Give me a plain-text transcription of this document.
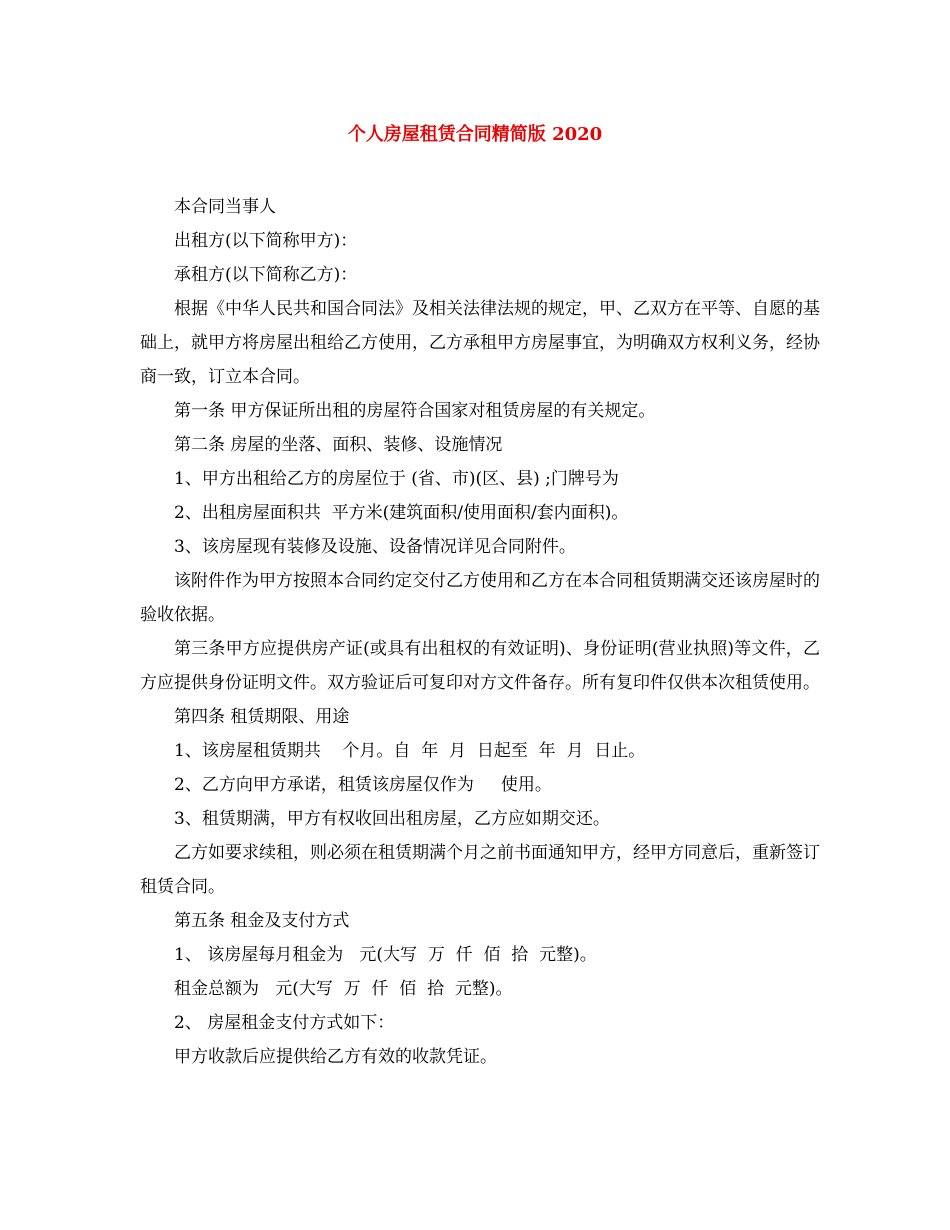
个人房屋租赁合同精简版 2020

本合同当事人

出租方(以下简称甲方)：

承租方(以下简称乙方)：

根据《中华人民共和国合同法》及相关法律法规的规定，甲、乙双方在平等、自愿的基础上，就甲方将房屋出租给乙方使用，乙方承租甲方房屋事宜，为明确双方权利义务，经协商一致，订立本合同。

第一条 甲方保证所出租的房屋符合国家对租赁房屋的有关规定。

第二条 房屋的坐落、面积、装修、设施情况

1、甲方出租给乙方的房屋位于 (省、市)(区、县) ;门牌号为

2、出租房屋面积共  平方米(建筑面积/使用面积/套内面积)。

3、该房屋现有装修及设施、设备情况详见合同附件。

该附件作为甲方按照本合同约定交付乙方使用和乙方在本合同租赁期满交还该房屋时的验收依据。

第三条甲方应提供房产证(或具有出租权的有效证明)、身份证明(营业执照)等文件，乙方应提供身份证明文件。双方验证后可复印对方文件备存。所有复印件仅供本次租赁使用。

第四条 租赁期限、用途

1、该房屋租赁期共    个月。自  年  月  日起至  年  月  日止。

2、乙方向甲方承诺，租赁该房屋仅作为     使用。

3、租赁期满，甲方有权收回出租房屋，乙方应如期交还。

乙方如要求续租，则必须在租赁期满个月之前书面通知甲方，经甲方同意后，重新签订租赁合同。

第五条 租金及支付方式

1、 该房屋每月租金为   元(大写  万  仟  佰  拾  元整)。

租金总额为   元(大写  万  仟  佰  拾  元整)。

2、 房屋租金支付方式如下：

甲方收款后应提供给乙方有效的收款凭证。
